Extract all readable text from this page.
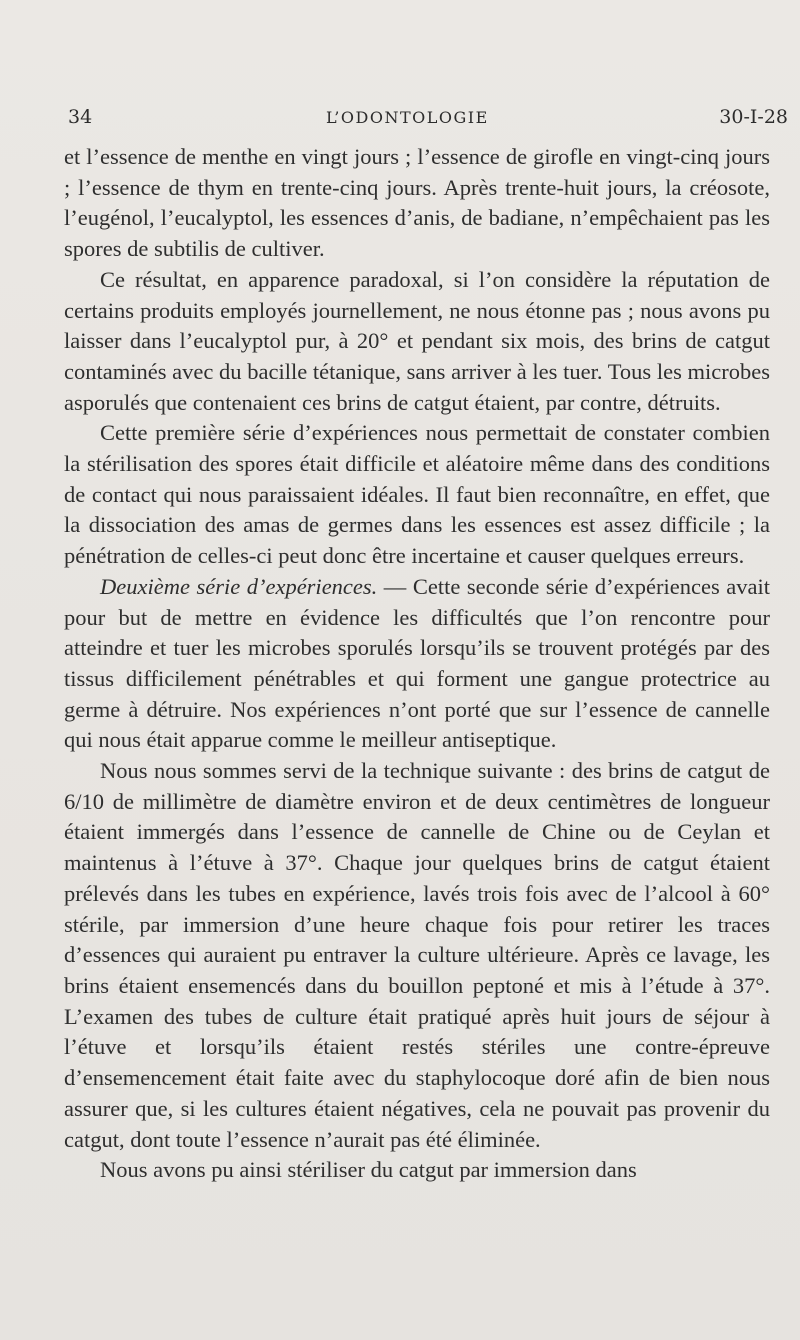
34	L’ODONTOLOGIE	30-I-28

et l’essence de menthe en vingt jours ; l’essence de girofle en vingt-cinq jours ; l’essence de thym en trente-cinq jours. Après trente-huit jours, la créosote, l’eugénol, l’eucalyptol, les essences d’anis, de badiane, n’empêchaient pas les spores de subtilis de cultiver.

Ce résultat, en apparence paradoxal, si l’on considère la réputation de certains produits employés journellement, ne nous étonne pas ; nous avons pu laisser dans l’eucalyptol pur, à 20° et pendant six mois, des brins de catgut contaminés avec du bacille tétanique, sans arriver à les tuer. Tous les microbes asporulés que contenaient ces brins de catgut étaient, par contre, détruits.

Cette première série d’expériences nous permettait de constater combien la stérilisation des spores était difficile et aléatoire même dans des conditions de contact qui nous paraissaient idéales. Il faut bien reconnaître, en effet, que la dissociation des amas de germes dans les essences est assez difficile ; la pénétration de celles-ci peut donc être incertaine et causer quelques erreurs.

Deuxième série d’expériences. — Cette seconde série d’expériences avait pour but de mettre en évidence les difficultés que l’on rencontre pour atteindre et tuer les microbes sporulés lorsqu’ils se trouvent protégés par des tissus difficilement pénétrables et qui forment une gangue protectrice au germe à détruire. Nos expériences n’ont porté que sur l’essence de cannelle qui nous était apparue comme le meilleur antiseptique.

Nous nous sommes servi de la technique suivante : des brins de catgut de 6/10 de millimètre de diamètre environ et de deux centimètres de longueur étaient immergés dans l’essence de cannelle de Chine ou de Ceylan et maintenus à l’étuve à 37°. Chaque jour quelques brins de catgut étaient prélevés dans les tubes en expérience, lavés trois fois avec de l’alcool à 60° stérile, par immersion d’une heure chaque fois pour retirer les traces d’essences qui auraient pu entraver la culture ultérieure. Après ce lavage, les brins étaient ensemencés dans du bouillon peptoné et mis à l’étude à 37°. L’examen des tubes de culture était pratiqué après huit jours de séjour à l’étuve et lorsqu’ils étaient restés stériles une contre-épreuve d’ensemencement était faite avec du staphylocoque doré afin de bien nous assurer que, si les cultures étaient négatives, cela ne pouvait pas provenir du catgut, dont toute l’essence n’aurait pas été éliminée.

Nous avons pu ainsi stériliser du catgut par immersion dans
